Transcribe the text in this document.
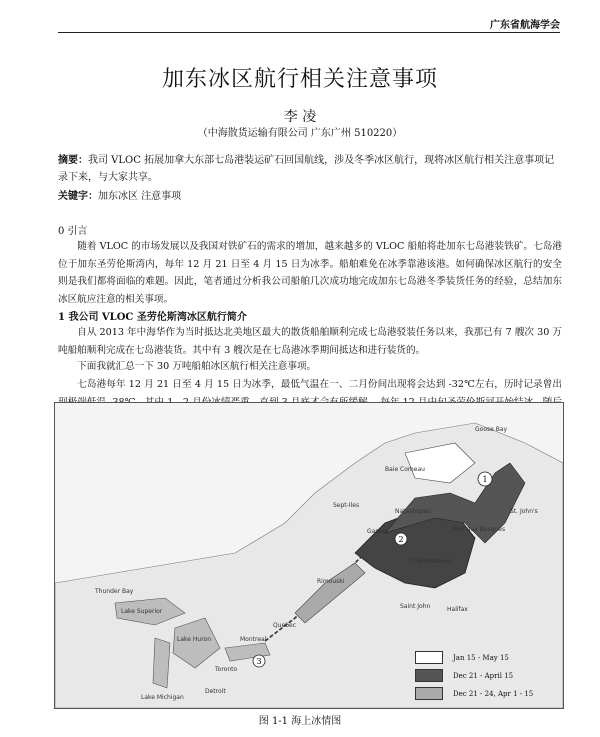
广东省航海学会
加东冰区航行相关注意事项
李 凌
（中海散货运输有限公司 广东广州 510220）
摘要：我司 VLOC 拓展加拿大东部七岛港装运矿石回国航线，涉及冬季冰区航行，现将冰区航行相关注意事项记录下来，与大家共享。
关键字：加东冰区 注意事项
0 引言
随着 VLOC 的市场发展以及我国对铁矿石的需求的增加，越来越多的 VLOC 船舶将赴加东七岛港装铁矿。七岛港位于加东圣劳伦斯湾内，每年 12 月 21 日至 4 月 15 日为冰季。船舶难免在冰季靠港该港。如何确保冰区航行的安全则是我们都将面临的难题。因此，笔者通过分析我公司船舶几次成功地完成加东七岛港冬季装货任务的经验，总结加东冰区航应注意的相关事项。
1 我公司 VLOC 圣劳伦斯湾冰区航行简介
自从 2013 年中海华作为当时抵达北美地区最大的散货船舶顺利完成七岛港驳装任务以来，我那已有 7 艘次 30 万吨船舶顺利完成在七岛港装货。其中有 3 艘次是在七岛港冰季期间抵达和进行装货的。
下面我就汇总一下 30 万吨船舶冰区航行相关注意事项。
七岛港每年 12 月 21 日至 4 月 15 日为冰季，最低气温在一、二月份间出现将会达到 -32℃左右，历时记录曾出
1
2
3
Baie Comeau
Sept-Iles
Rimouski
Quebec
Montreal
Toronto
Thunder Bay
Lake Superior
Lake Huron
Lake Michigan
Detroit
Halifax
Saint John
Charlottetown
Gaspe
Goose Bay
Natashquan
Port aux Basques
St. John's
Jan 15 - May 15
Dec 21 - April 15
Dec 21 - 24, Apr 1 - 15
图 1-1 海上冰情图
